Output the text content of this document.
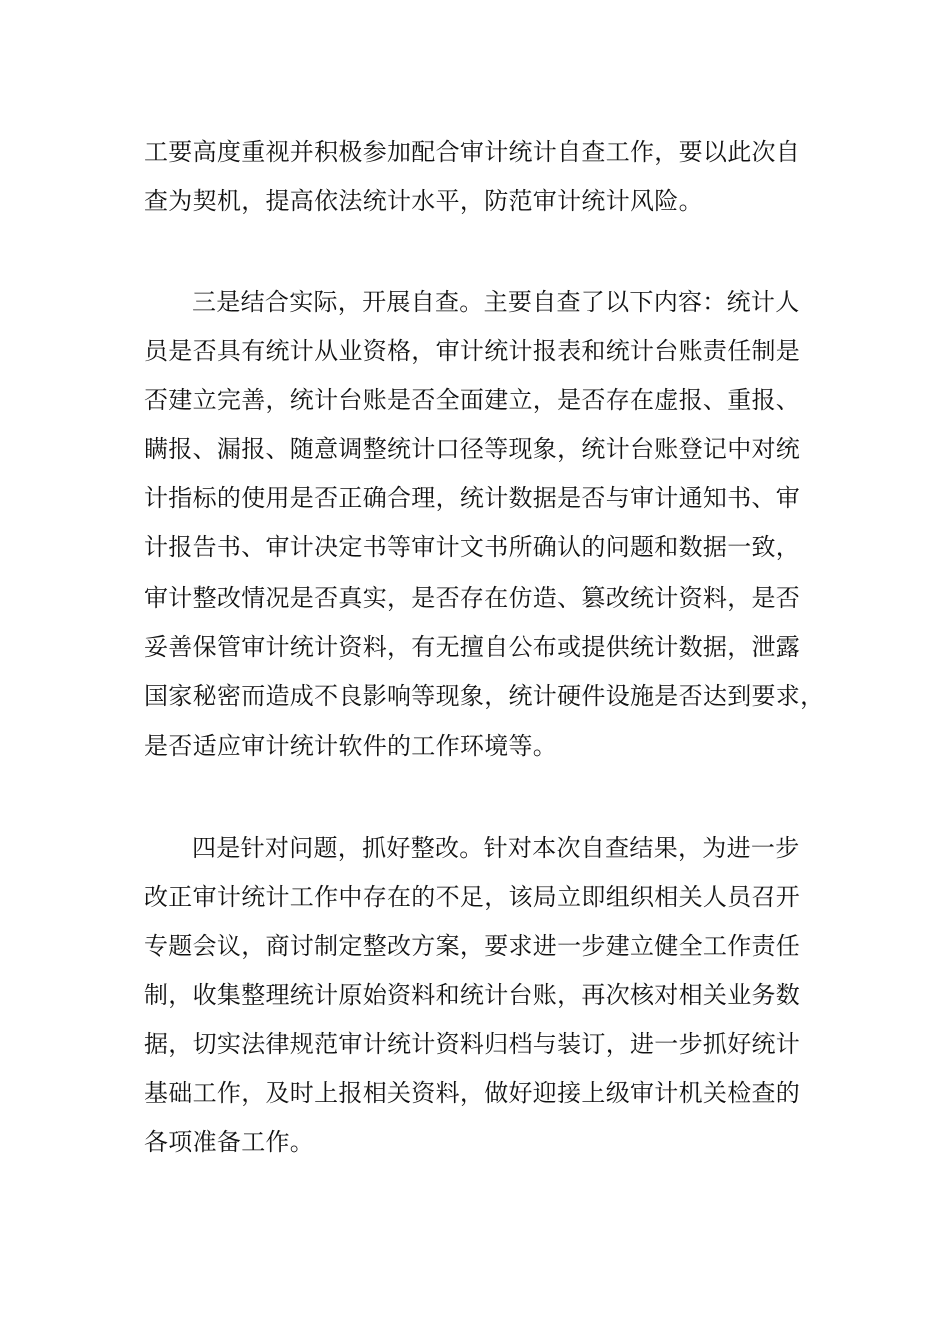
工要高度重视并积极参加配合审计统计自查工作，要以此次自
查为契机，提高依法统计水平，防范审计统计风险。
三是结合实际，开展自查。主要自查了以下内容：统计人
员是否具有统计从业资格，审计统计报表和统计台账责任制是
否建立完善，统计台账是否全面建立，是否存在虚报、重报、
瞒报、漏报、随意调整统计口径等现象，统计台账登记中对统
计指标的使用是否正确合理，统计数据是否与审计通知书、审
计报告书、审计决定书等审计文书所确认的问题和数据一致，
审计整改情况是否真实，是否存在仿造、篡改统计资料，是否
妥善保管审计统计资料，有无擅自公布或提供统计数据，泄露
国家秘密而造成不良影响等现象，统计硬件设施是否达到要求，
是否适应审计统计软件的工作环境等。
四是针对问题，抓好整改。针对本次自查结果，为进一步
改正审计统计工作中存在的不足，该局立即组织相关人员召开
专题会议，商讨制定整改方案，要求进一步建立健全工作责任
制，收集整理统计原始资料和统计台账，再次核对相关业务数
据，切实法律规范审计统计资料归档与装订，进一步抓好统计
基础工作，及时上报相关资料，做好迎接上级审计机关检查的
各项准备工作。
